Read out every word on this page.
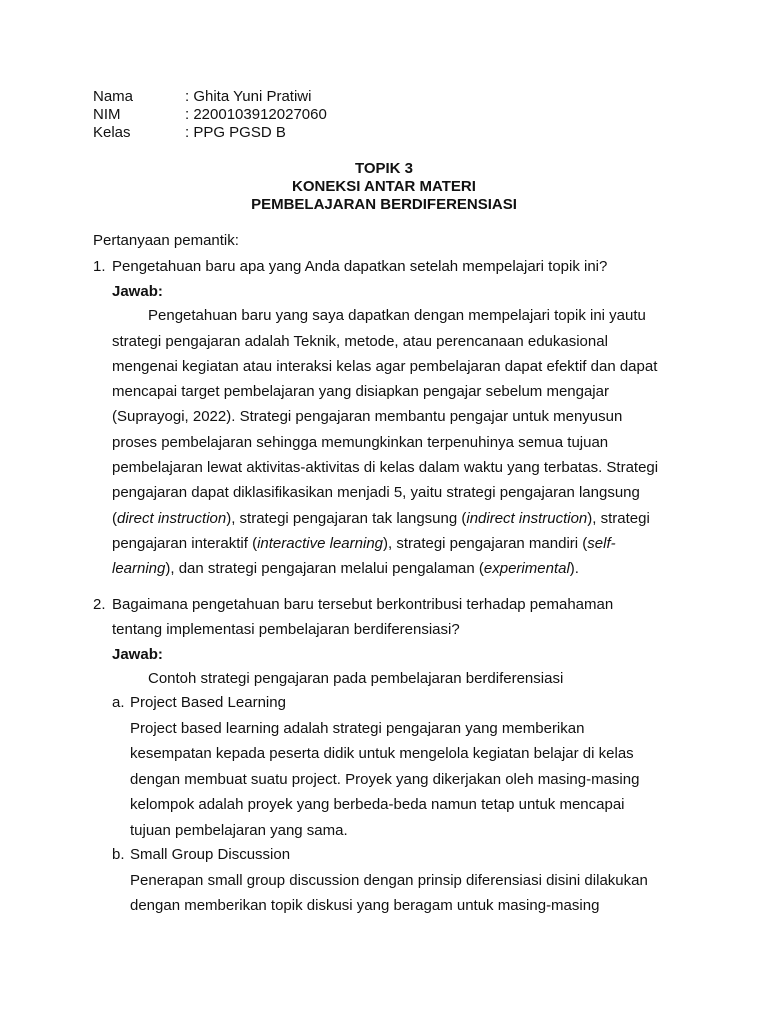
Nama	: Ghita Yuni Pratiwi
NIM	: 2200103912027060
Kelas	: PPG PGSD B
TOPIK 3
KONEKSI ANTAR MATERI
PEMBELAJARAN BERDIFERENSIASI
Pertanyaan pemantik:
1. Pengetahuan baru apa yang Anda dapatkan setelah mempelajari topik ini?
Jawab:
Pengetahuan baru yang saya dapatkan dengan mempelajari topik ini yautu
strategi pengajaran adalah Teknik, metode, atau perencanaan edukasional
mengenai kegiatan atau interaksi kelas agar pembelajaran dapat efektif dan dapat
mencapai target pembelajaran yang disiapkan pengajar sebelum mengajar
(Suprayogi, 2022). Strategi pengajaran membantu pengajar untuk menyusun
proses pembelajaran sehingga memungkinkan terpenuhinya semua tujuan
pembelajaran lewat aktivitas-aktivitas di kelas dalam waktu yang terbatas. Strategi
pengajaran dapat diklasifikasikan menjadi 5, yaitu strategi pengajaran langsung
(direct instruction), strategi pengajaran tak langsung (indirect instruction), strategi
pengajaran interaktif (interactive learning), strategi pengajaran mandiri (self-
learning), dan strategi pengajaran melalui pengalaman (experimental).
2. Bagaimana pengetahuan baru tersebut berkontribusi terhadap pemahaman
tentang implementasi pembelajaran berdiferensiasi?
Jawab:
Contoh strategi pengajaran pada pembelajaran berdiferensiasi
a. Project Based Learning
Project based learning adalah strategi pengajaran yang memberikan
kesempatan kepada peserta didik untuk mengelola kegiatan belajar di kelas
dengan membuat suatu project. Proyek yang dikerjakan oleh masing-masing
kelompok adalah proyek yang berbeda-beda namun tetap untuk mencapai
tujuan pembelajaran yang sama.
b. Small Group Discussion
Penerapan small group discussion dengan prinsip diferensiasi disini dilakukan
dengan memberikan topik diskusi yang beragam untuk masing-masing
